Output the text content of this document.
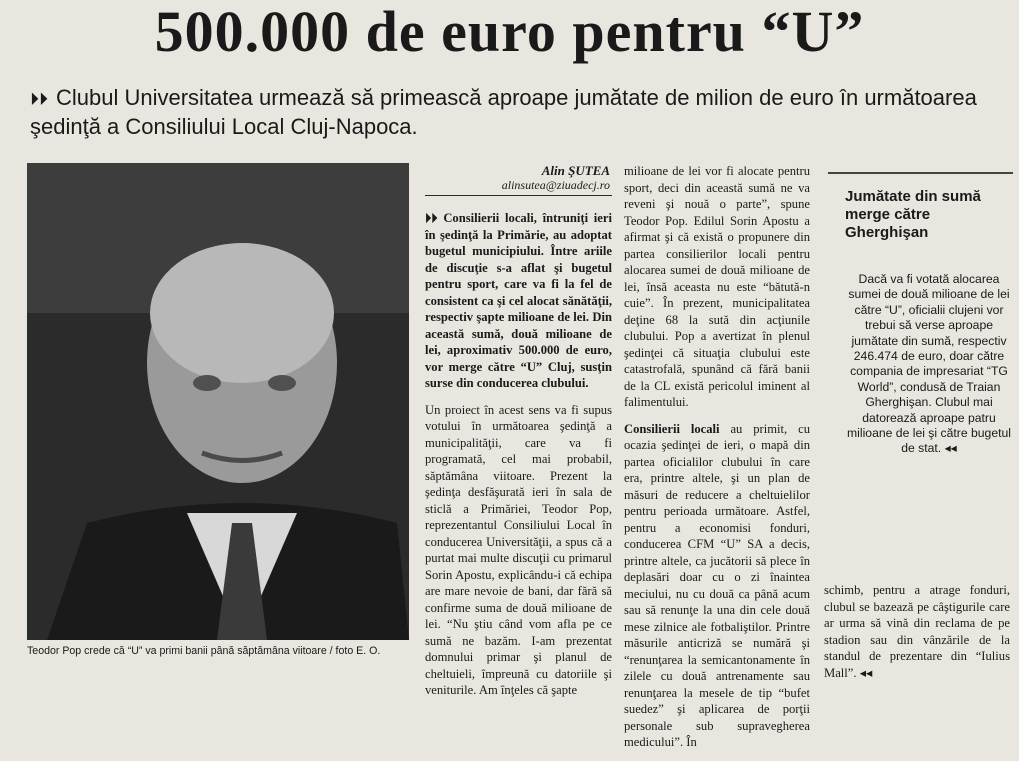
500.000 de euro pentru “U”
⏵⏵ Clubul Universitatea urmează să primească aproape jumătate de milion de euro în următoarea şedinţă a Consiliului Local Cluj-Napoca.
Teodor Pop crede că “U” va primi banii până săptămâna viitoare / foto E. O.
Alin ŞUTEA
alinsutea@ziuadecj.ro

⏵⏵ Consilierii locali, întruniţi ieri în şedinţă la Primărie, au adoptat bugetul municipiului. Între ariile de discuţie s-a aflat şi bugetul pentru sport, care va fi la fel de consistent ca şi cel alocat sănătăţii, respectiv şapte milioane de lei. Din această sumă, două milioane de lei, aproximativ 500.000 de euro, vor merge către “U” Cluj, susţin surse din conducerea clubului.

Un proiect în acest sens va fi supus votului în următoarea şedinţă a municipalităţii, care va fi programată, cel mai probabil, săptămâna viitoare. Prezent la şedinţa desfăşurată ieri în sala de sticlă a Primăriei, Teodor Pop, reprezentantul Consiliului Local în conducerea Universităţii, a spus că a purtat mai multe discuţii cu primarul Sorin Apostu, explicându-i că echipa are mare nevoie de bani, dar fără să confirme suma de două milioane de lei. “Nu ştiu când vom afla pe ce sumă ne bazăm. I-am prezentat domnului primar şi planul de cheltuieli, împreună cu datoriile şi veniturile. Am înţeles că şapte

milioane de lei vor fi alocate pentru sport, deci din această sumă ne va reveni şi nouă o parte”, spune Teodor Pop. Edilul Sorin Apostu a afirmat şi că există o propunere din partea consilierilor locali pentru alocarea sumei de două milioane de lei, însă aceasta nu este “bătută-n cuie”. În prezent, municipalitatea deţine 68 la sută din acţiunile clubului. Pop a avertizat în plenul şedinţei că situaţia clubului este catastrofală, spunând că fără banii de la CL există pericolul iminent al falimentului.

Consilierii locali au primit, cu ocazia şedinţei de ieri, o mapă din partea oficialilor clubului în care era, printre altele, şi un plan de măsuri de reducere a cheltuielilor pentru perioada următoare. Astfel, pentru a economisi fonduri, conducerea CFM “U” SA a decis, printre altele, ca jucătorii să plece în deplasări doar cu o zi înaintea meciului, nu cu două ca până acum sau să renunţe la una din cele două mese zilnice ale fotbaliştilor. Printre măsurile anticriză se numără şi “renunţarea la semicantonamente în zilele cu două antrenamente sau renunţarea la mesele de tip “bufet suedez” şi aplicarea de porţii personale sub supravegherea medicului”. În

Jumătate din sumă merge către Gherghişan
Dacă va fi votată alocarea sumei de două milioane de lei către “U”, oficialii clujeni vor trebui să verse aproape jumătate din sumă, respectiv 246.474 de euro, doar către compania de impresariat “TG World”, condusă de Traian Gherghişan. Clubul mai datorează aproape patru milioane de lei şi către bugetul de stat. ◂◂

schimb, pentru a atrage fonduri, clubul se bazează pe câştigurile care ar urma să vină din reclama de pe stadion sau din vânzările de la standul de prezentare din “Iulius Mall”. ◂◂
